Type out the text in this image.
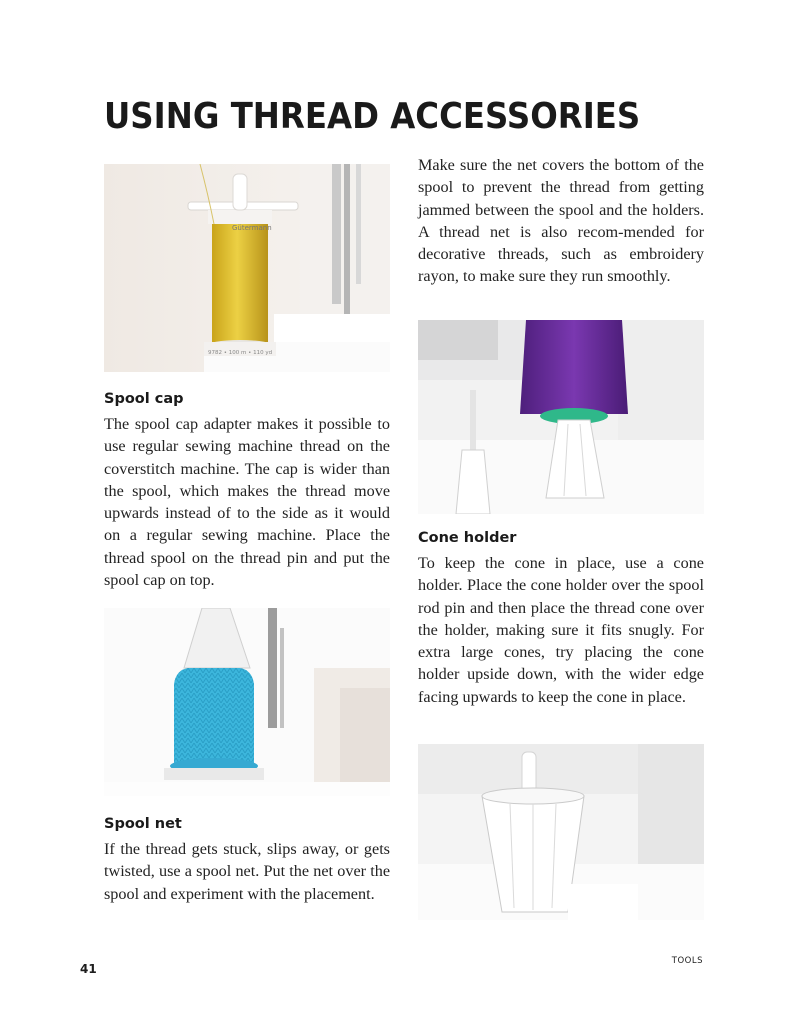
USING THREAD ACCESSORIES
Gütermann
9782 • 100 m • 110 yd
Spool cap

The spool cap adapter makes it possible to use regular sewing machine thread on the coverstitch machine. The cap is wider than the spool, which makes the thread move upwards instead of to the side as it would on a regular sewing machine. Place the thread spool on the thread pin and put the spool cap on top.

Spool net

If the thread gets stuck, slips away, or gets twisted, use a spool net. Put the net over the spool and experiment with the placement.

Make sure the net covers the bottom of the spool to prevent the thread from getting jammed between the spool and the holders. A thread net is also recom-mended for decorative threads, such as embroidery rayon, to make sure they run smoothly.

Cone holder

To keep the cone in place, use a cone holder. Place the cone holder over the spool rod pin and then place the thread cone over the holder, making sure it fits snugly. For extra large cones, try placing the cone holder upside down, with the wider edge facing upwards to keep the cone in place.

41

TOOLS
